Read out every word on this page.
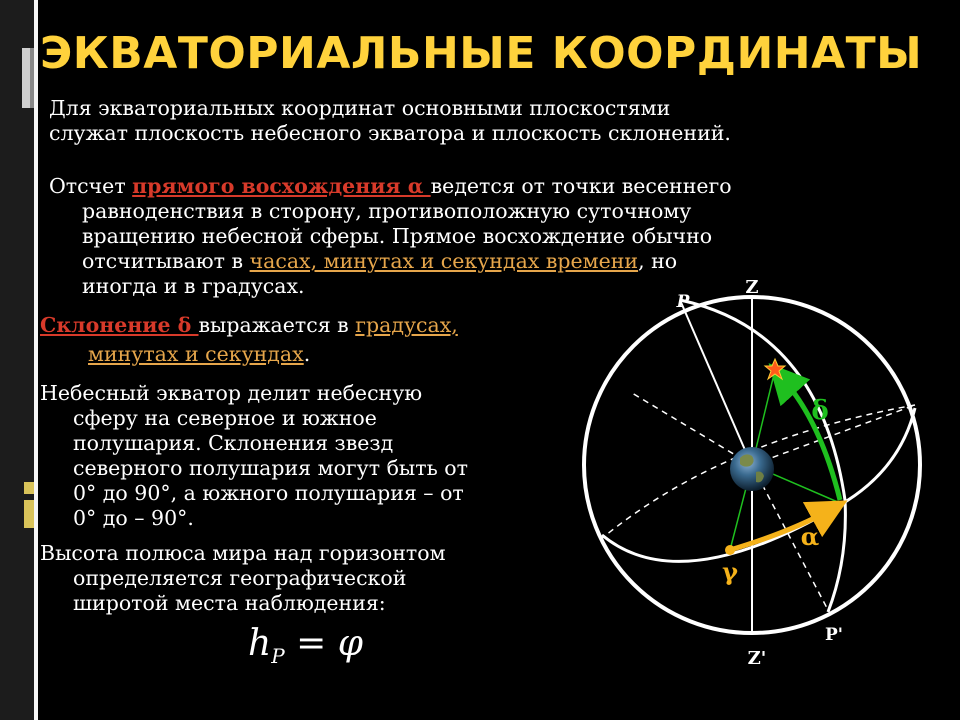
ЭКВАТОРИАЛЬНЫЕ КООРДИНАТЫ
Для экваториальных координат основными плоскостями
служат плоскость небесного экватора и плоскость склонений.
Отсчет прямого восхождения α ведется от точки весеннего
равноденствия в сторону, противоположную суточному
вращению небесной сферы. Прямое восхождение обычно
отсчитывают в часах, минутах и секундах времени, но
иногда и в градусах.
Склонение δ выражается в градусах,
минутах и секундах.
Небесный экватор делит небесную
сферу на северное и южное
полушария. Склонения звезд
северного полушария могут быть от
0° до 90°, а южного полушария – от
0° до – 90°.
Высота полюса мира над горизонтом
определяется географической
широтой места наблюдения:
$h_P = \varphi$
Z
Z'
P
P'
δ
α
γ
